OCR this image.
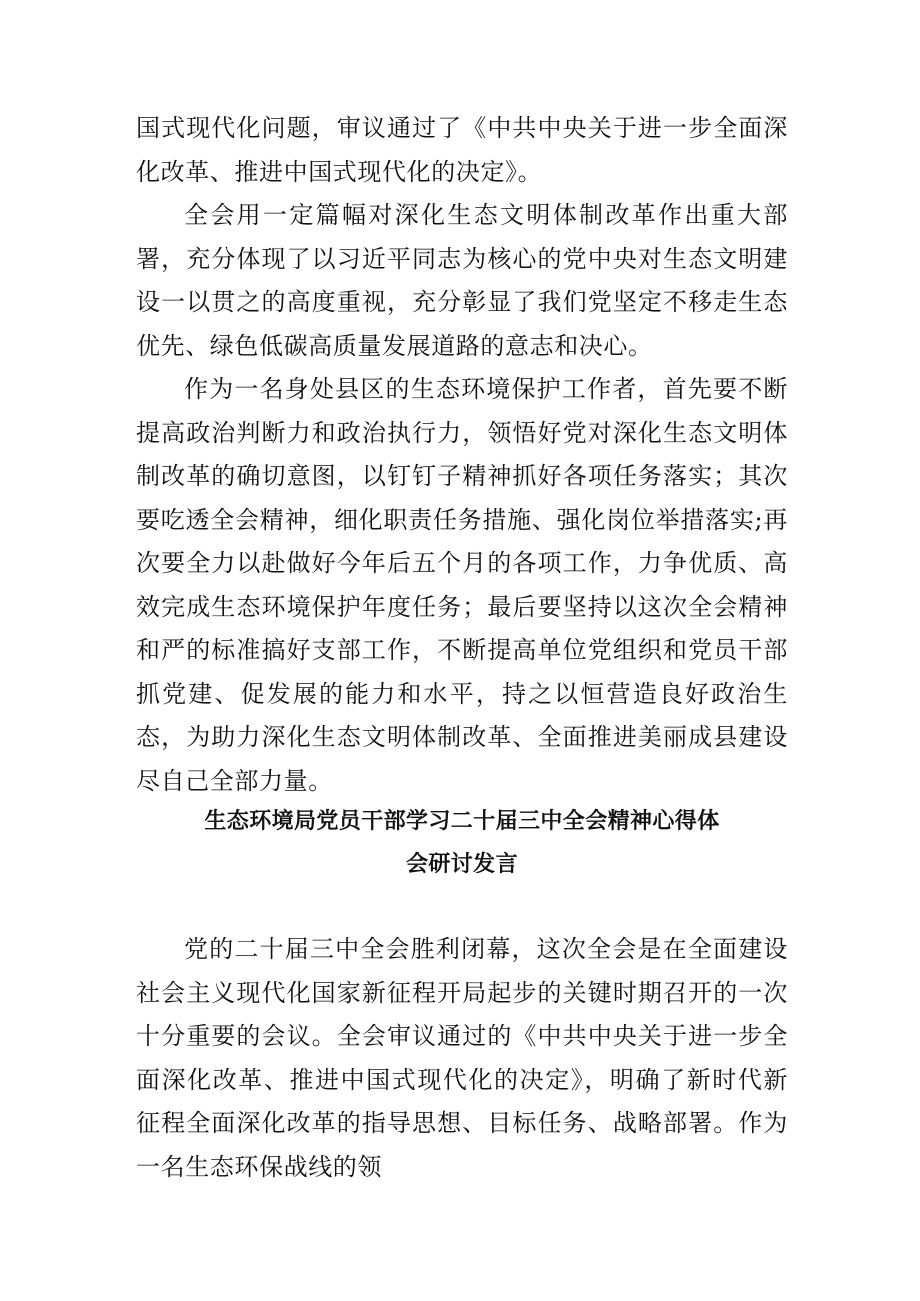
国式现代化问题，审议通过了《中共中央关于进一步全面深化改革、推进中国式现代化的决定》。

全会用一定篇幅对深化生态文明体制改革作出重大部署，充分体现了以习近平同志为核心的党中央对生态文明建设一以贯之的高度重视，充分彰显了我们党坚定不移走生态优先、绿色低碳高质量发展道路的意志和决心。

作为一名身处县区的生态环境保护工作者，首先要不断提高政治判断力和政治执行力，领悟好党对深化生态文明体制改革的确切意图，以钉钉子精神抓好各项任务落实；其次要吃透全会精神，细化职责任务措施、强化岗位举措落实;再次要全力以赴做好今年后五个月的各项工作，力争优质、高效完成生态环境保护年度任务；最后要坚持以这次全会精神和严的标准搞好支部工作，不断提高单位党组织和党员干部抓党建、促发展的能力和水平，持之以恒营造良好政治生态，为助力深化生态文明体制改革、全面推进美丽成县建设尽自己全部力量。

生态环境局党员干部学习二十届三中全会精神心得体
会研讨发言

党的二十届三中全会胜利闭幕，这次全会是在全面建设社会主义现代化国家新征程开局起步的关键时期召开的一次十分重要的会议。全会审议通过的《中共中央关于进一步全面深化改革、推进中国式现代化的决定》，明确了新时代新征程全面深化改革的指导思想、目标任务、战略部署。作为一名生态环保战线的领
